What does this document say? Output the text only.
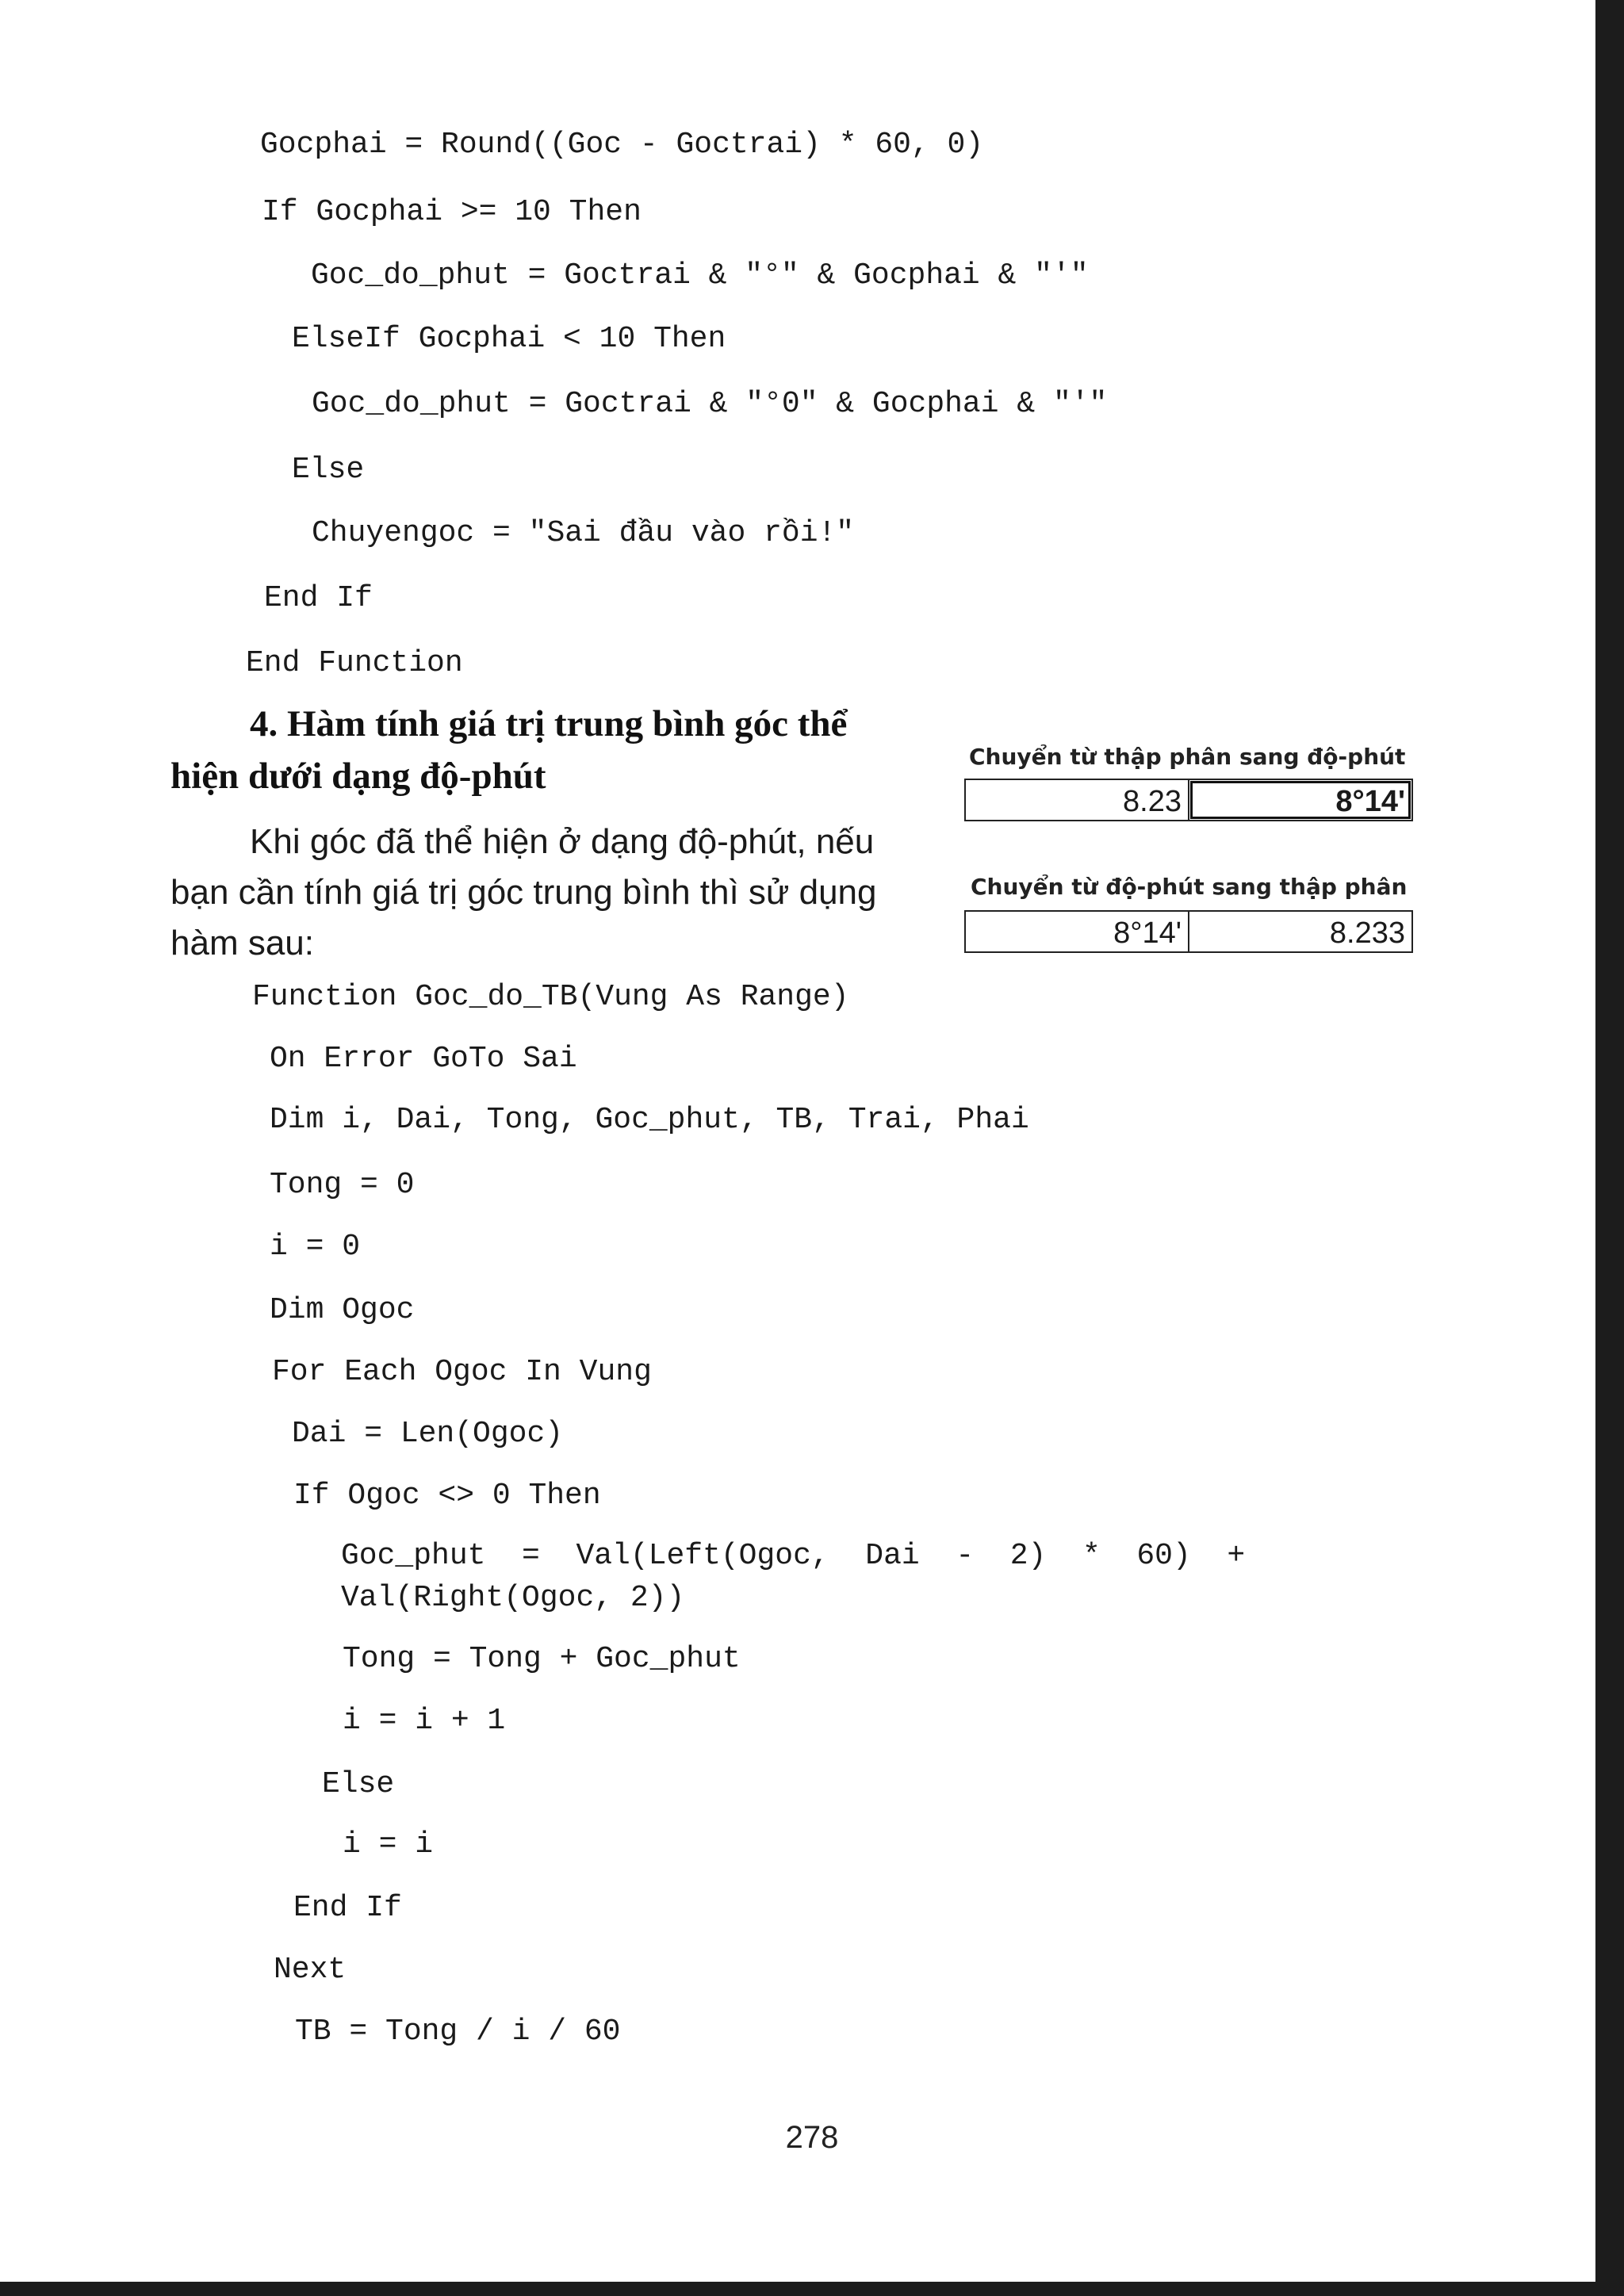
Gocphai = Round((Goc - Goctrai) * 60, 0)
If Gocphai >= 10 Then
Goc_do_phut = Goctrai & "°" & Gocphai & "'"
ElseIf Gocphai < 10 Then
Goc_do_phut = Goctrai & "°0" & Gocphai & "'"
Else
Chuyengoc = "Sai đầu vào rồi!"
End If
End Function
4. Hàm tính giá trị trung bình góc thể
hiện dưới dạng độ-phút
Khi góc đã thể hiện ở dạng độ-phút, nếu
bạn cần tính giá trị góc trung bình thì sử dụng
hàm sau:
Chuyển từ thập phân sang độ-phút
8.23	8°14'
Chuyển từ độ-phút sang thập phân
8°14'	8.233
Function Goc_do_TB(Vung As Range)
On Error GoTo Sai
Dim i, Dai, Tong, Goc_phut, TB, Trai, Phai
Tong = 0
i = 0
Dim Ogoc
For Each Ogoc In Vung
Dai = Len(Ogoc)
If Ogoc <> 0 Then
Goc_phut  =  Val(Left(Ogoc,  Dai  -  2)  *  60)  +
Val(Right(Ogoc, 2))
Tong = Tong + Goc_phut
i = i + 1
Else
i = i
End If
Next
TB = Tong / i / 60
278
